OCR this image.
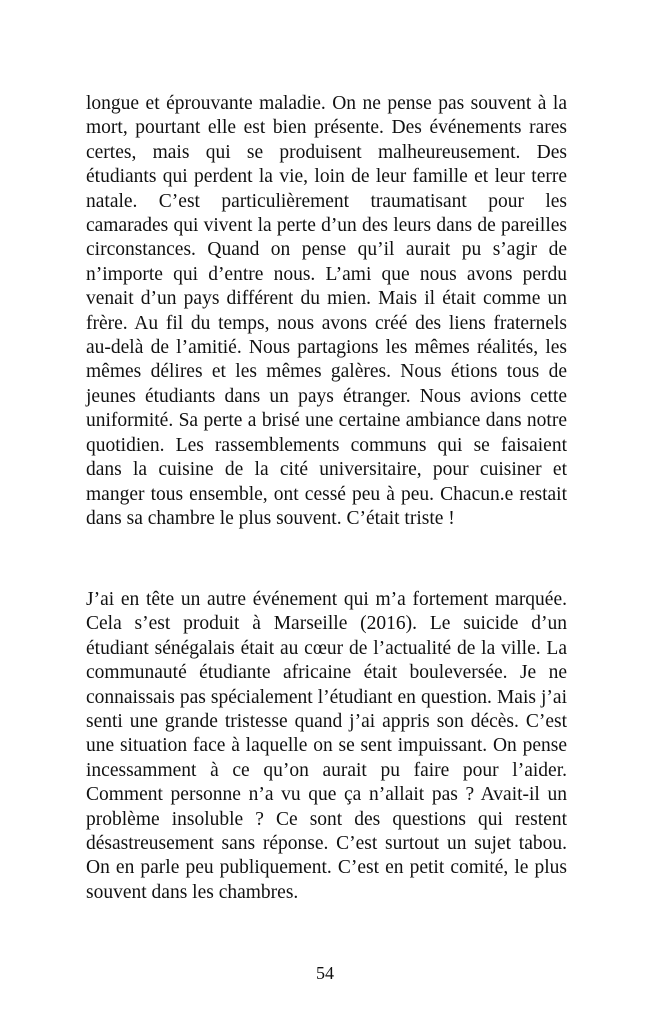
longue et éprouvante maladie. On ne pense pas souvent à la mort, pourtant elle est bien présente. Des événements rares certes, mais qui se produisent malheureusement. Des étudiants qui perdent la vie, loin de leur famille et leur terre natale. C’est particulièrement traumatisant pour les camarades qui vivent la perte d’un des leurs dans de pareilles circonstances. Quand on pense qu’il aurait pu s’agir de n’importe qui d’entre nous. L’ami que nous avons perdu venait d’un pays différent du mien. Mais il était comme un frère. Au fil du temps, nous avons créé des liens fraternels au-delà de l’amitié. Nous partagions les mêmes réalités, les mêmes délires et les mêmes galères. Nous étions tous de jeunes étudiants dans un pays étranger. Nous avions cette uniformité. Sa perte a brisé une certaine ambiance dans notre quotidien. Les rassemblements communs qui se faisaient dans la cuisine de la cité universitaire, pour cuisiner et manger tous ensemble, ont cessé peu à peu. Chacun.e restait dans sa chambre le plus souvent. C’était triste !

J’ai en tête un autre événement qui m’a fortement marquée. Cela s’est produit à Marseille (2016). Le suicide d’un étudiant sénégalais était au cœur de l’actualité de la ville. La communauté étudiante africaine était bouleversée. Je ne connaissais pas spécialement l’étudiant en question. Mais j’ai senti une grande tristesse quand j’ai appris son décès. C’est une situation face à laquelle on se sent impuissant. On pense incessamment à ce qu’on aurait pu faire pour l’aider. Comment personne n’a vu que ça n’allait pas ? Avait-il un problème insoluble ? Ce sont des questions qui restent désastreusement sans réponse. C’est surtout un sujet tabou. On en parle peu publiquement. C’est en petit comité, le plus souvent dans les chambres.

54
